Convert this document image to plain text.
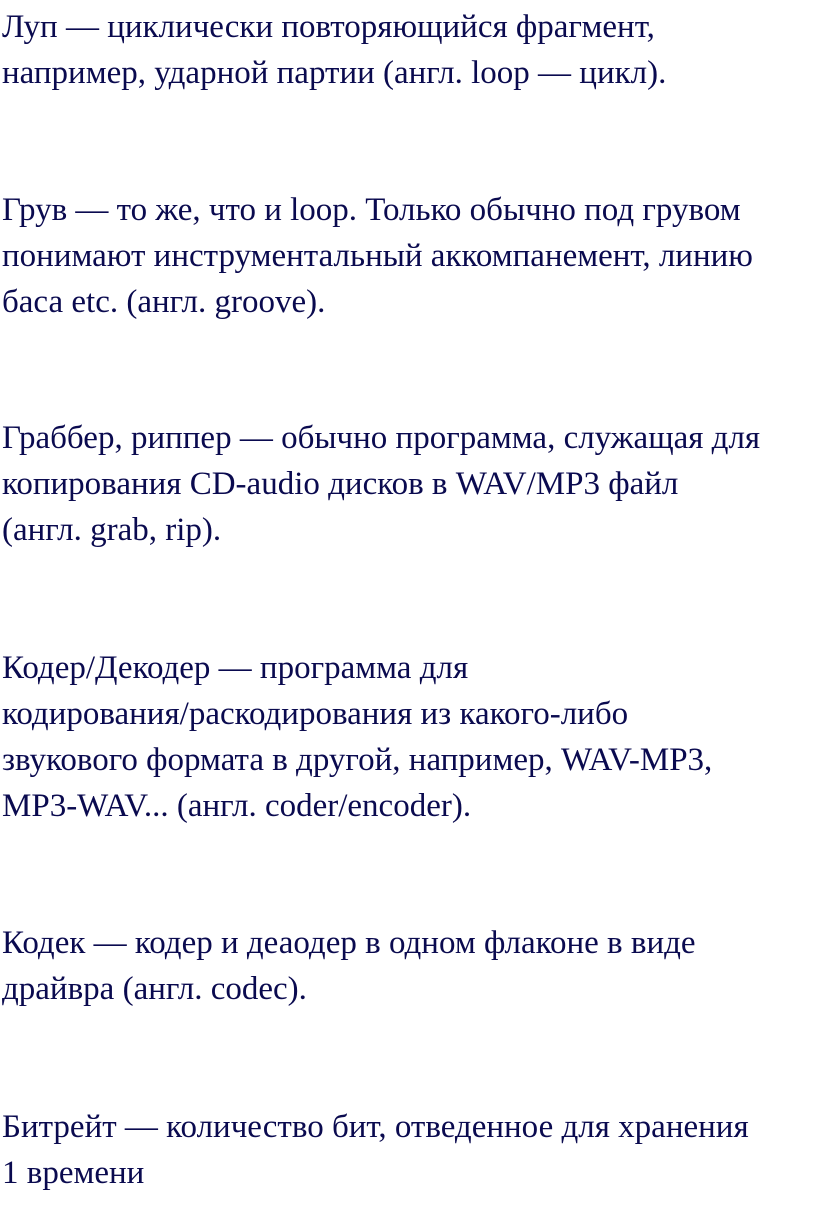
Луп — циклически повторяющийся фрагмент,
например, ударной партии (англ. loop — цикл).

Грув — то же, что и loop. Только обычно под грувом
понимают инструментальный аккомпанемент, линию
баса etc. (англ. groove).

Граббер, риппер — обычно программа, служащая для
копирования CD-audio дисков в WAV/MP3 файл
(англ. grab, rip).

Кодер/Декодер — программа для
кодирования/раскодирования из какого-либо
звукового формата в другой, например, WAV-MP3,
MP3-WAV... (англ. coder/encoder).

Кодек — кодер и деаодер в одном флаконе в виде
драйвра (англ. codec).

Битрейт — количество бит, отведенное для хранения
1 времени
